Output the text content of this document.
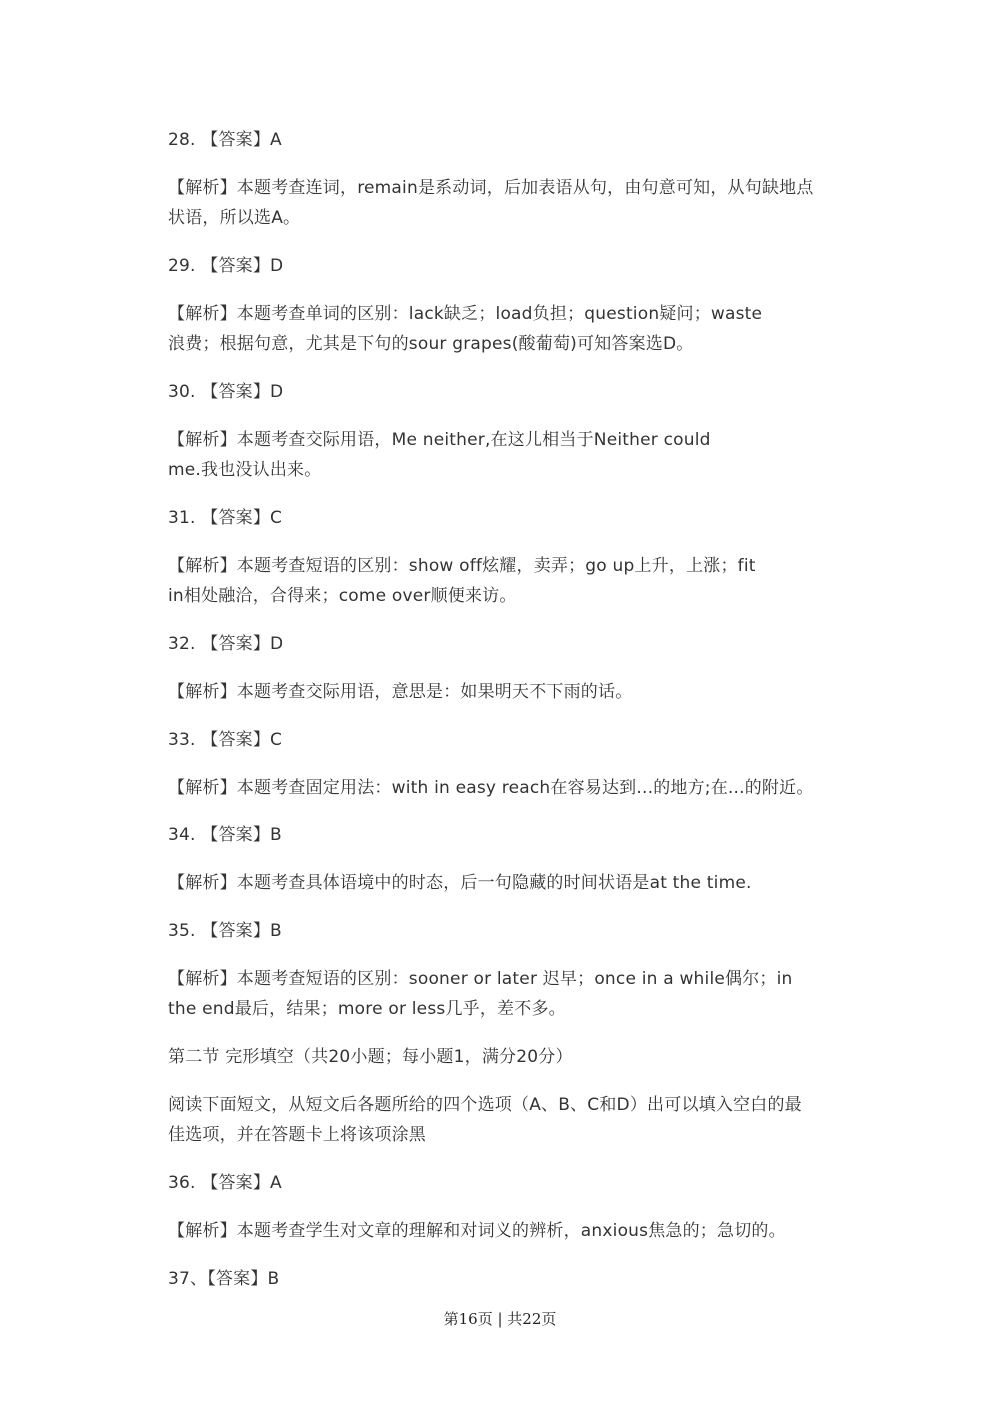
28. 【答案】A
【解析】本题考查连词，remain是系动词，后加表语从句，由句意可知，从句缺地点
状语，所以选A。
29. 【答案】D
【解析】本题考查单词的区别：lack缺乏；load负担；question疑问；waste
浪费；根据句意，尤其是下句的sour grapes(酸葡萄)可知答案选D。
30. 【答案】D
【解析】本题考查交际用语，Me neither,在这儿相当于Neither could
me.我也没认出来。
31. 【答案】C
【解析】本题考查短语的区别：show off炫耀，卖弄；go up上升，上涨；fit
in相处融洽，合得来；come over顺便来访。
32. 【答案】D
【解析】本题考查交际用语，意思是：如果明天不下雨的话。
33. 【答案】C
【解析】本题考查固定用法：with in easy reach在容易达到...的地方;在...的附近。
34. 【答案】B
【解析】本题考查具体语境中的时态，后一句隐藏的时间状语是at the time.
35. 【答案】B
【解析】本题考查短语的区别：sooner or later 迟早；once in a while偶尔；in
the end最后，结果；more or less几乎，差不多。
第二节 完形填空（共20小题；每小题1，满分20分）
阅读下面短文，从短文后各题所给的四个选项（A、B、C和D）出可以填入空白的最
佳选项，并在答题卡上将该项涂黑
36. 【答案】A
【解析】本题考查学生对文章的理解和对词义的辨析，anxious焦急的；急切的。
37、【答案】B
第16页 | 共22页
